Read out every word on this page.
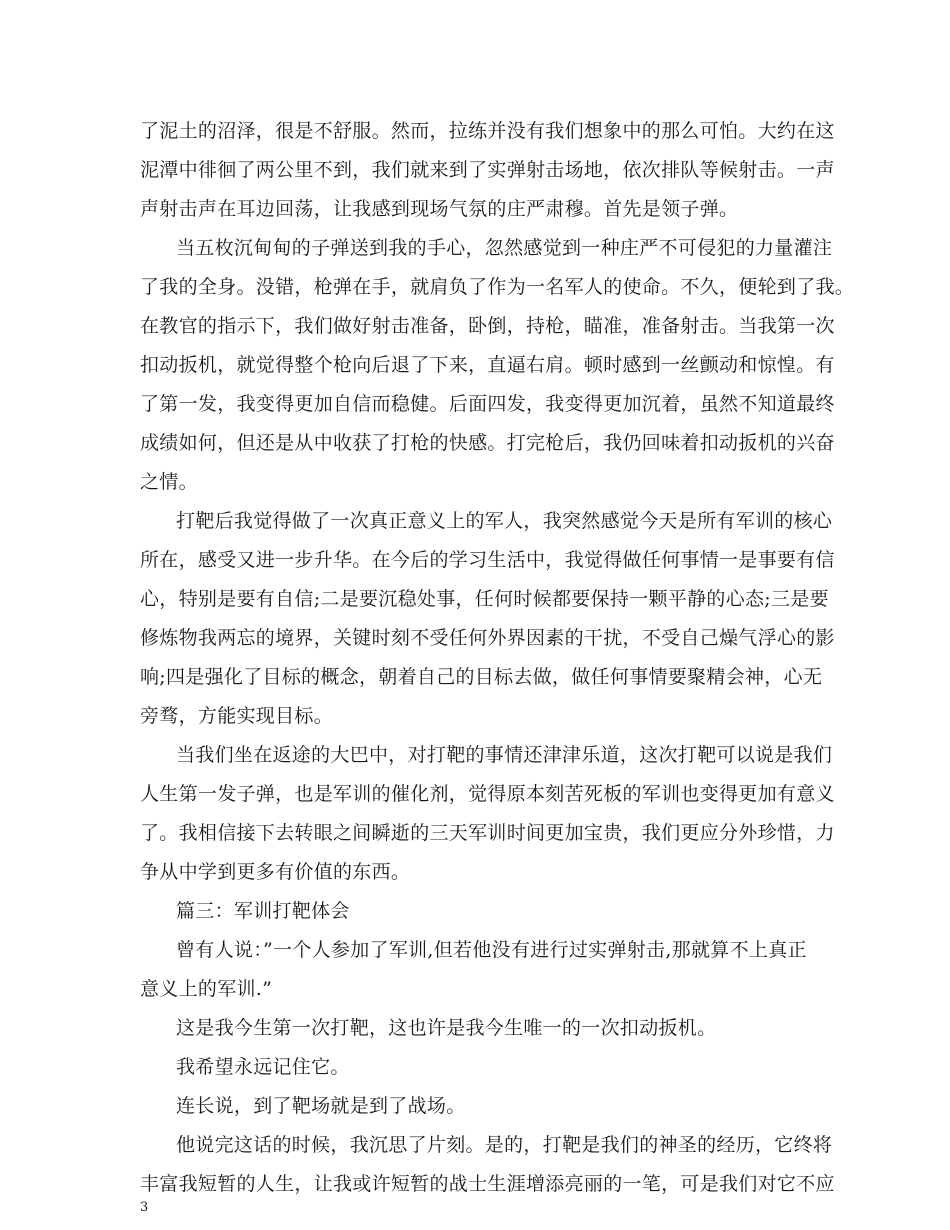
了泥土的沼泽，很是不舒服。然而，拉练并没有我们想象中的那么可怕。大约在这
泥潭中徘徊了两公里不到，我们就来到了实弹射击场地，依次排队等候射击。一声
声射击声在耳边回荡，让我感到现场气氛的庄严肃穆。首先是领子弹。
当五枚沉甸甸的子弹送到我的手心，忽然感觉到一种庄严不可侵犯的力量灌注
了我的全身。没错，枪弹在手，就肩负了作为一名军人的使命。不久，便轮到了我。
在教官的指示下，我们做好射击准备，卧倒，持枪，瞄准，准备射击。当我第一次
扣动扳机，就觉得整个枪向后退了下来，直逼右肩。顿时感到一丝颤动和惊惶。有
了第一发，我变得更加自信而稳健。后面四发，我变得更加沉着，虽然不知道最终
成绩如何，但还是从中收获了打枪的快感。打完枪后，我仍回味着扣动扳机的兴奋
之情。
打靶后我觉得做了一次真正意义上的军人，我突然感觉今天是所有军训的核心
所在，感受又进一步升华。在今后的学习生活中，我觉得做任何事情一是事要有信
心，特别是要有自信;二是要沉稳处事，任何时候都要保持一颗平静的心态;三是要
修炼物我两忘的境界，关键时刻不受任何外界因素的干扰，不受自己燥气浮心的影
响;四是强化了目标的概念，朝着自己的目标去做，做任何事情要聚精会神，心无
旁骛，方能实现目标。
当我们坐在返途的大巴中，对打靶的事情还津津乐道，这次打靶可以说是我们
人生第一发子弹，也是军训的催化剂，觉得原本刻苦死板的军训也变得更加有意义
了。我相信接下去转眼之间瞬逝的三天军训时间更加宝贵，我们更应分外珍惜，力
争从中学到更多有价值的东西。
篇三：军训打靶体会
曾有人说：”一个人参加了军训,但若他没有进行过实弹射击,那就算不上真正
意义上的军训.”
这是我今生第一次打靶，这也许是我今生唯一的一次扣动扳机。
我希望永远记住它。
连长说，到了靶场就是到了战场。
他说完这话的时候，我沉思了片刻。是的，打靶是我们的神圣的经历，它终将
丰富我短暂的人生，让我或许短暂的战士生涯增添亮丽的一笔，可是我们对它不应
3
